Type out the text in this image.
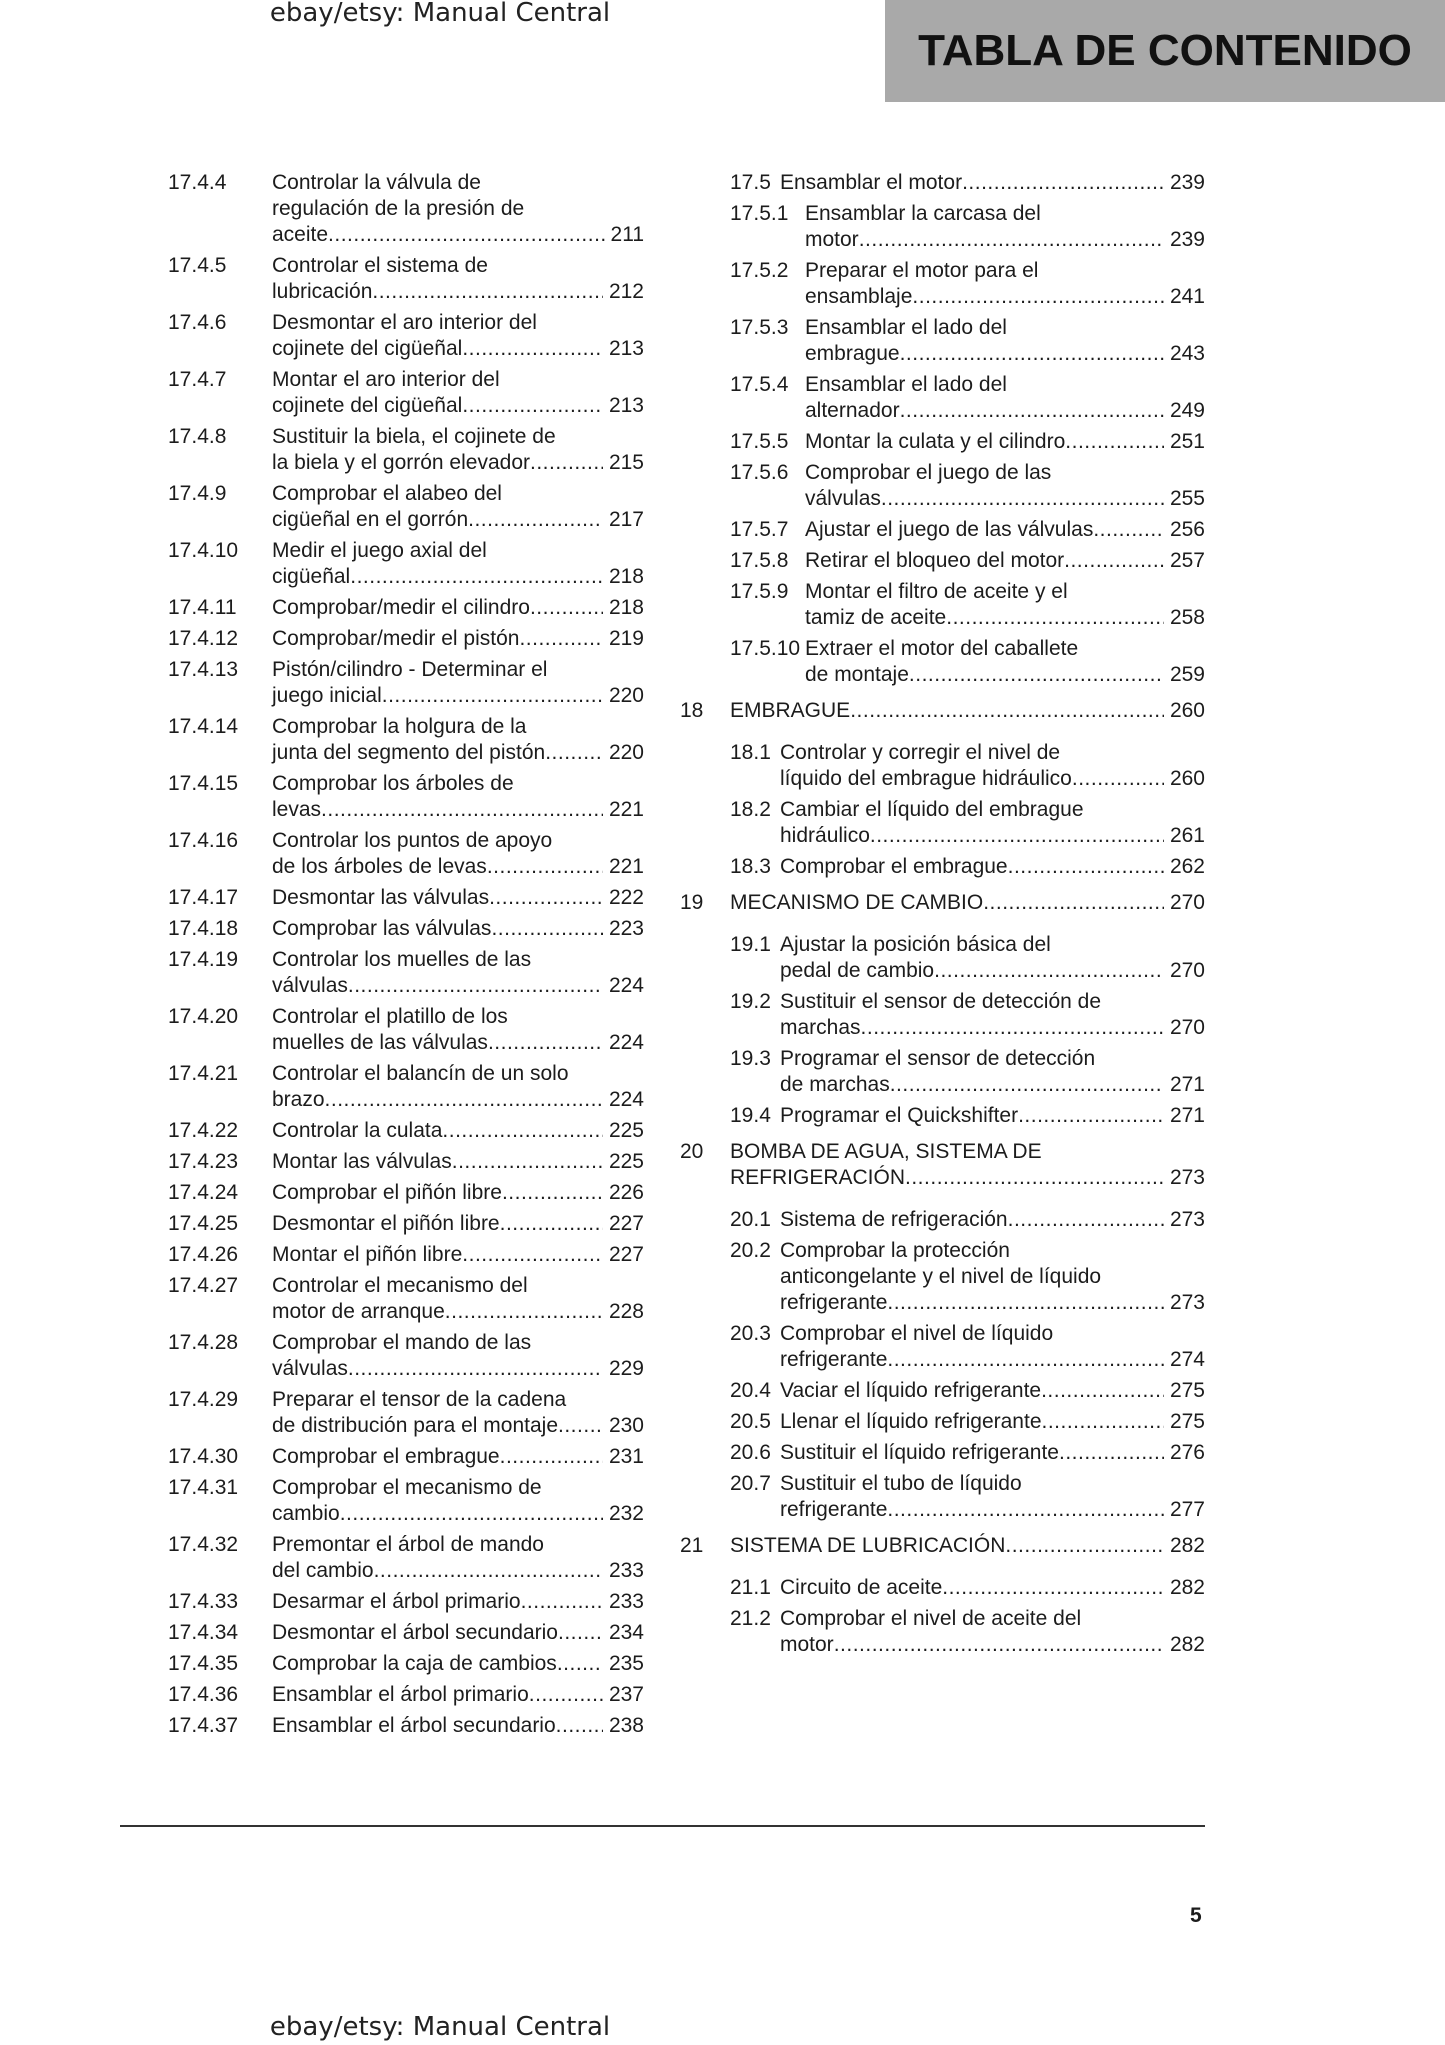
ebay/etsy: Manual Central
TABLA DE CONTENIDO
17.4.4 Controlar la válvula de
regulación de la presión de
aceite .....	211
17.4.5 Controlar el sistema de
lubricación .....	212
17.4.6 Desmontar el aro interior del
cojinete del cigüeñal .....	213
17.4.7 Montar el aro interior del
cojinete del cigüeñal .....	213
17.4.8 Sustituir la biela, el cojinete de
la biela y el gorrón elevador .....	215
17.4.9 Comprobar el alabeo del
cigüeñal en el gorrón .....	217
17.4.10 Medir el juego axial del
cigüeñal .....	218
17.4.11 Comprobar/medir el cilindro .....	218
17.4.12 Comprobar/medir el pistón .....	219
17.4.13 Pistón/cilindro - Determinar el
juego inicial .....	220
17.4.14 Comprobar la holgura de la
junta del segmento del pistón .....	220
17.4.15 Comprobar los árboles de
levas .....	221
17.4.16 Controlar los puntos de apoyo
de los árboles de levas .....	221
17.4.17 Desmontar las válvulas .....	222
17.4.18 Comprobar las válvulas .....	223
17.4.19 Controlar los muelles de las
válvulas .....	224
17.4.20 Controlar el platillo de los
muelles de las válvulas .....	224
17.4.21 Controlar el balancín de un solo
brazo .....	224
17.4.22 Controlar la culata .....	225
17.4.23 Montar las válvulas .....	225
17.4.24 Comprobar el piñón libre .....	226
17.4.25 Desmontar el piñón libre .....	227
17.4.26 Montar el piñón libre .....	227
17.4.27 Controlar el mecanismo del
motor de arranque .....	228
17.4.28 Comprobar el mando de las
válvulas .....	229
17.4.29 Preparar el tensor de la cadena
de distribución para el montaje ..... 230
17.4.30 Comprobar el embrague .....	231
17.4.31 Comprobar el mecanismo de
cambio .....	232
17.4.32 Premontar el árbol de mando
del cambio .....	233
17.4.33 Desarmar el árbol primario .....	233
17.4.34 Desmontar el árbol secundario ..... 234
17.4.35 Comprobar la caja de cambios ..... 235
17.4.36 Ensamblar el árbol primario .....	237
17.4.37 Ensamblar el árbol secundario .....	238
17.5 Ensamblar el motor .....	239
17.5.1 Ensamblar la carcasa del
motor .....	239
17.5.2 Preparar el motor para el
ensamblaje .....	241
17.5.3 Ensamblar el lado del
embrague .....	243
17.5.4 Ensamblar el lado del
alternador .....	249
17.5.5 Montar la culata y el cilindro .....	251
17.5.6 Comprobar el juego de las
válvulas .....	255
17.5.7 Ajustar el juego de las válvulas .....	256
17.5.8 Retirar el bloqueo del motor .....	257
17.5.9 Montar el filtro de aceite y el
tamiz de aceite .....	258
17.5.10 Extraer el motor del caballete
de montaje .....	259
18 EMBRAGUE .....	260
18.1 Controlar y corregir el nivel de
líquido del embrague hidráulico .....	260
18.2 Cambiar el líquido del embrague
hidráulico .....	261
18.3 Comprobar el embrague .....	262
19 MECANISMO DE CAMBIO .....	270
19.1 Ajustar la posición básica del
pedal de cambio .....	270
19.2 Sustituir el sensor de detección de
marchas .....	270
19.3 Programar el sensor de detección
de marchas .....	271
19.4 Programar el Quickshifter .....	271
20 BOMBA DE AGUA, SISTEMA DE
REFRIGERACIÓN .....	273
20.1 Sistema de refrigeración .....	273
20.2 Comprobar la protección
anticongelante y el nivel de líquido
refrigerante .....	273
20.3 Comprobar el nivel de líquido
refrigerante .....	274
20.4 Vaciar el líquido refrigerante .....	275
20.5 Llenar el líquido refrigerante .....	275
20.6 Sustituir el líquido refrigerante .....	276
20.7 Sustituir el tubo de líquido
refrigerante .....	277
21 SISTEMA DE LUBRICACIÓN .....	282
21.1 Circuito de aceite .....	282
21.2 Comprobar el nivel de aceite del
motor .....	282
5
ebay/etsy: Manual Central
